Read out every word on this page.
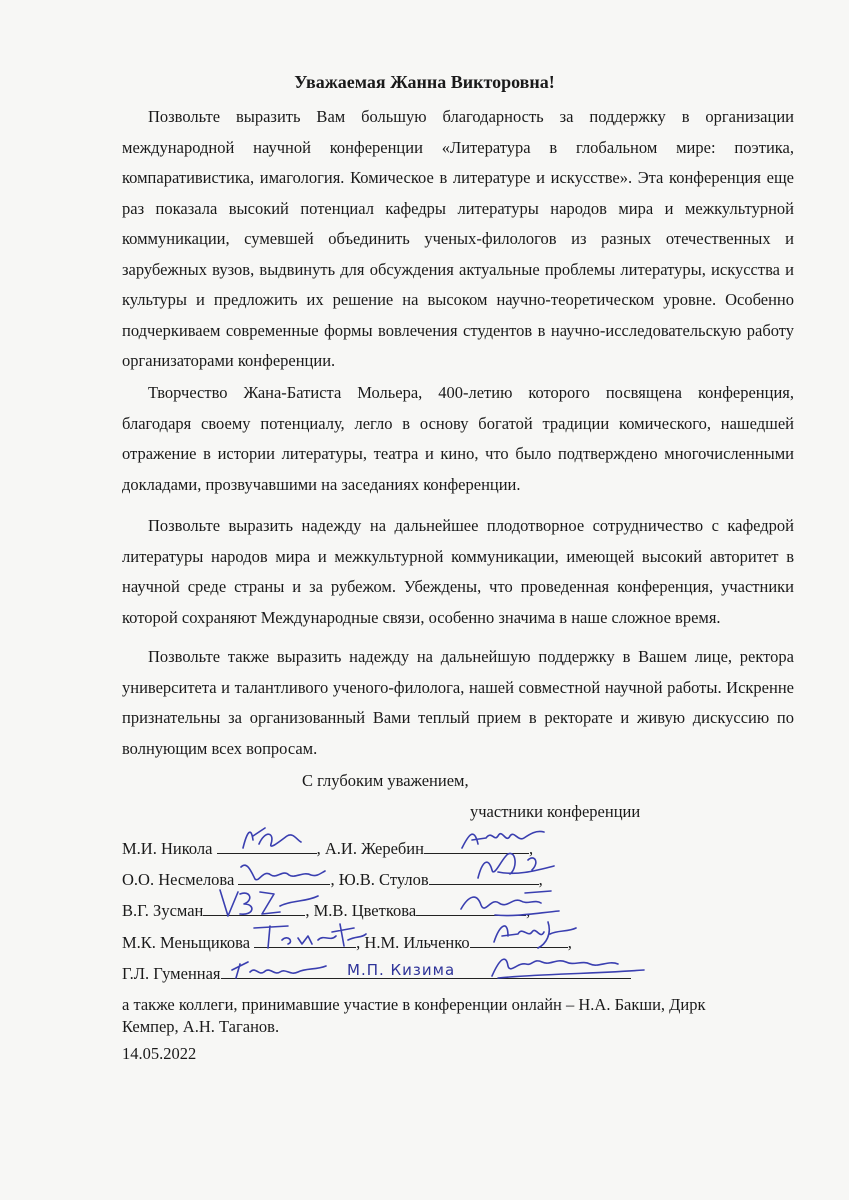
Уважаемая Жанна Викторовна!

Позвольте выразить Вам большую благодарность за поддержку в организации международной научной конференции «Литература в глобальном мире: поэтика, компаративистика, имагология. Комическое в литературе и искусстве». Эта конференция еще раз показала высокий потенциал кафедры литературы народов мира и межкультурной коммуникации, сумевшей объединить ученых-филологов из разных отечественных и зарубежных вузов, выдвинуть для обсуждения актуальные проблемы литературы, искусства и культуры и предложить их решение на высоком научно-теоретическом уровне. Особенно подчеркиваем современные формы вовлечения студентов в научно-исследовательскую работу организаторами конференции.

Творчество Жана-Батиста Мольера, 400-летию которого посвящена конференция, благодаря своему потенциалу, легло в основу богатой традиции комического, нашедшей отражение в истории литературы, театра и кино, что было подтверждено многочисленными докладами, прозвучавшими на заседаниях конференции.

Позвольте выразить надежду на дальнейшее плодотворное сотрудничество с кафедрой литературы народов мира и межкультурной коммуникации, имеющей высокий авторитет в научной среде страны и за рубежом. Убеждены, что проведенная конференция, участники которой сохраняют Международные связи, особенно значима в наше сложное время.

Позвольте также выразить надежду на дальнейшую поддержку в Вашем лице, ректора университета и талантливого ученого-филолога, нашей совместной научной работы. Искренне признательны за организованный Вами теплый прием в ректорате и живую дискуссию по волнующим всех вопросам.

С глубоким уважением,
участники конференции
М.И. Никола	, А.И. Жеребин	,
О.О. Несмелова	, Ю.В. Стулов	,
В.Г. Зусман	, М.В. Цветкова	,
М.К. Меньщикова	, Н.М. Ильченко	,
Г.Л. Гуменная	М.П. Кизима
а также коллеги, принимавшие участие в конференции онлайн – Н.А. Бакши, Дирк Кемпер, А.Н. Таганов.
14.05.2022
